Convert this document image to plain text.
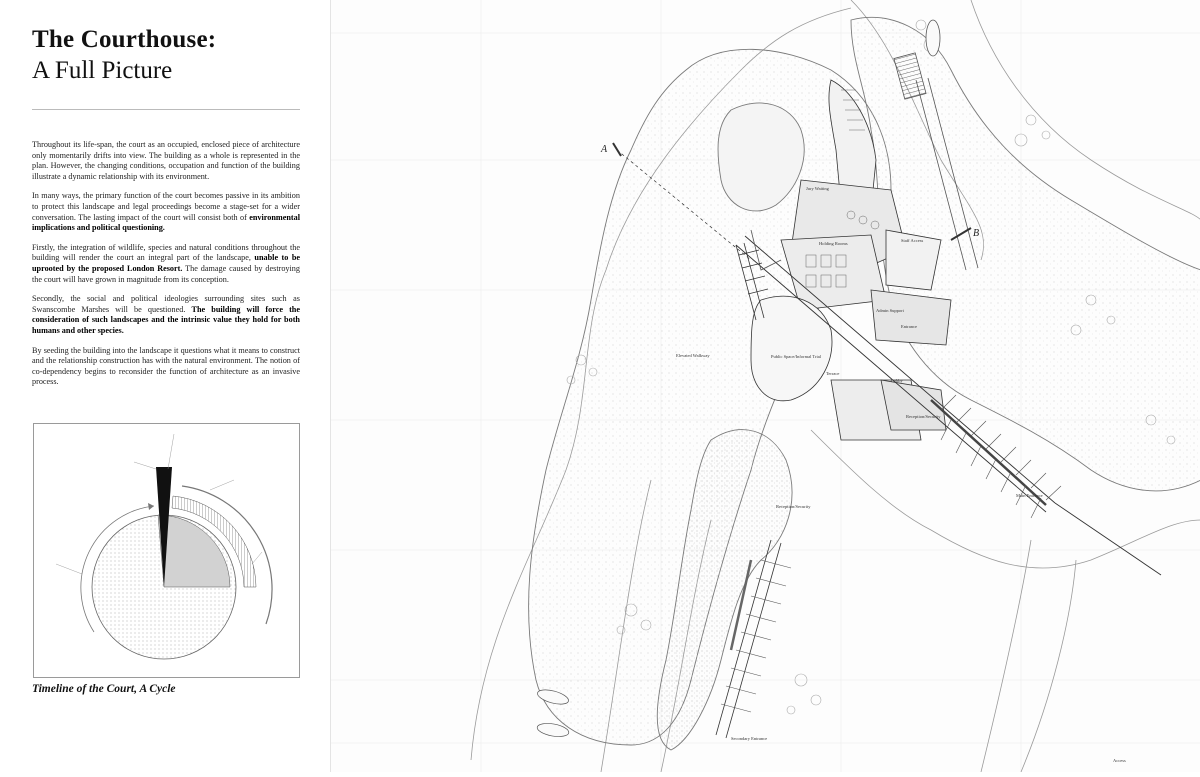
The Courthouse:
A Full Picture

Throughout its life-span, the court as an occupied, enclosed piece of architecture only momentarily drifts into view. The building as a whole is represented in the plan. However, the changing conditions, occupation and function of the building illustrate a dynamic relationship with its environment.

In many ways, the primary function of the court becomes passive in its ambition to protect this landscape and legal proceedings become a stage-set for a wider conversation. The lasting impact of the court will consist both of environmental implications and political questioning.

Firstly, the integration of wildlife, species and natural conditions throughout the building will render the court an integral part of the landscape, unable to be uprooted by the proposed London Resort. The damage caused by destroying the court will have grown in magnitude from its conception.

Secondly, the social and political ideologies surrounding sites such as Swanscombe Marshes will be questioned. The building will force the consideration of such landscapes and the intrinsic value they hold for both humans and other species.

By seeding the building into the landscape it questions what it means to construct and the relationship construction has with the natural environment. The notion of co-dependency begins to reconsider the function of architecture as an invasive process.

Timeline of the Court, A Cycle
A
B
Jury Waiting
Holding Rooms
Staff Access
Admin Support
Entrance
Lobby
Elevated Walkway	Public Space/Informal Trial
Terrace
Reception/Security
Main Entrance
Reception/Security
Secondary Entrance
Access
